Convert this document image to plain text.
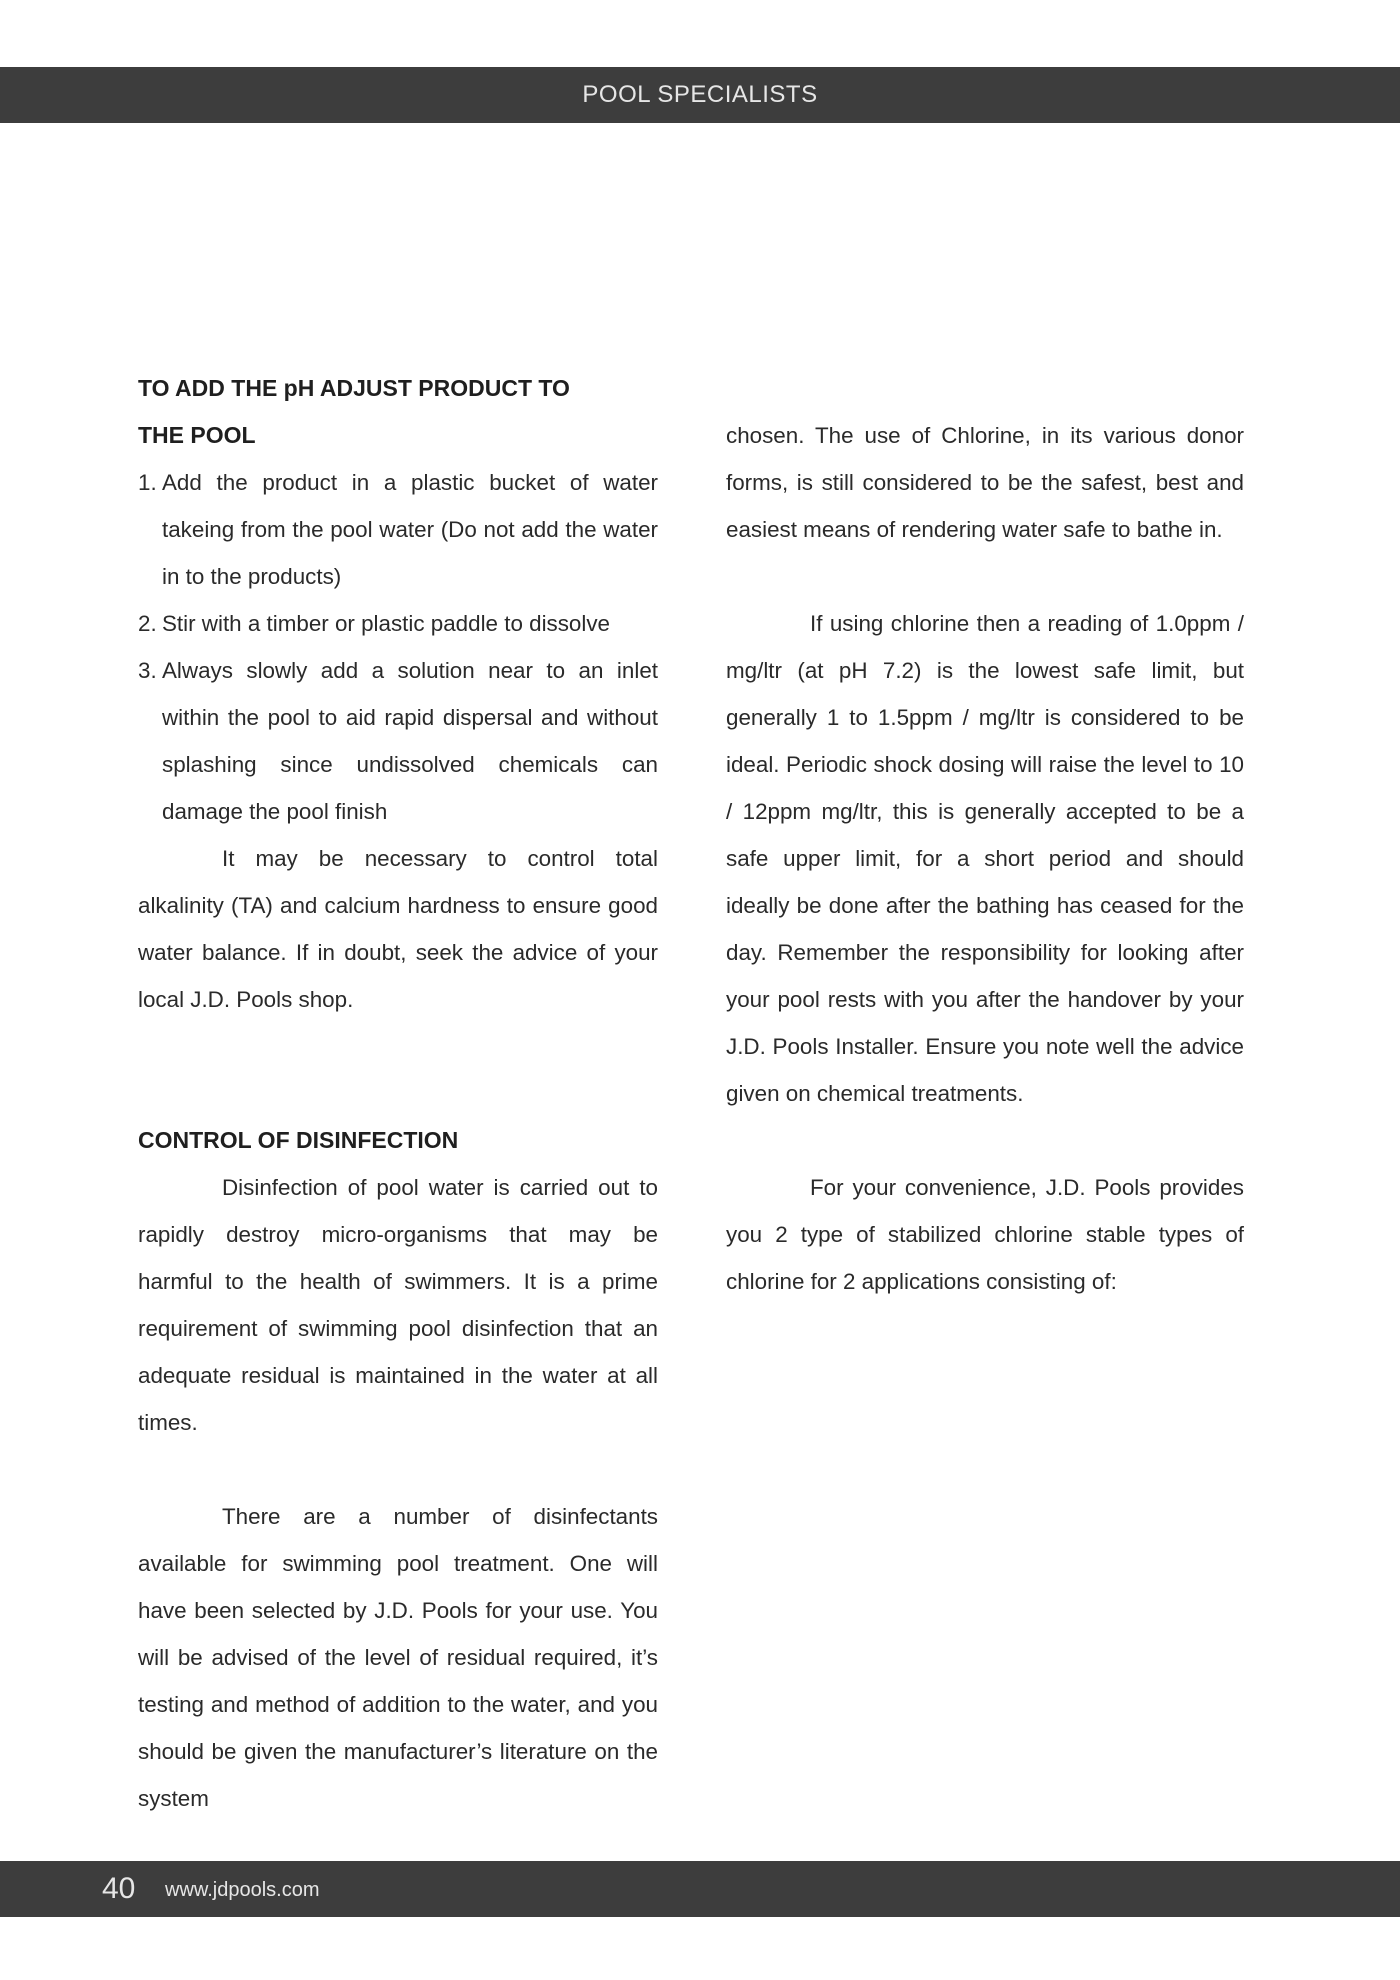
POOL SPECIALISTS
TO ADD THE pH ADJUST PRODUCT TO THE POOL
1. Add the product in a plastic bucket of water takeing from the pool water (Do not add the water in to the products)
2. Stir with a timber or plastic paddle to dissolve
3. Always slowly add a solution near to an inlet within the pool to aid rapid dispersal and without splashing since undissolved chemicals can damage the pool finish

It may be necessary to control total alkalinity (TA) and calcium hardness to ensure good water balance. If in doubt, seek the advice of your local J.D. Pools shop.

CONTROL OF DISINFECTION

Disinfection of pool water is carried out to rapidly destroy micro-organisms that may be harmful to the health of swimmers. It is a prime requirement of swimming pool disinfection that an adequate residual is maintained in the water at all times.

There are a number of disinfectants available for swimming pool treatment. One will have been selected by J.D. Pools for your use. You will be advised of the level of residual required, it’s testing and method of addition to the water, and you should be given the manufacturer’s literature on the system

chosen. The use of Chlorine, in its various donor forms, is still considered to be the safest, best and easiest means of rendering water safe to bathe in.

If using chlorine then a reading of 1.0ppm / mg/ltr (at pH 7.2) is the lowest safe limit, but generally 1 to 1.5ppm / mg/ltr is considered to be ideal. Periodic shock dosing will raise the level to 10 / 12ppm mg/ltr, this is generally accepted to be a safe upper limit, for a short period and should ideally be done after the bathing has ceased for the day. Remember the responsibility for looking after your pool rests with you after the handover by your J.D. Pools Installer. Ensure you note well the advice given on chemical treatments.

For your convenience, J.D. Pools provides you 2 type of stabilized chlorine stable types of chlorine for 2 applications consisting of:

40 www.jdpools.com
